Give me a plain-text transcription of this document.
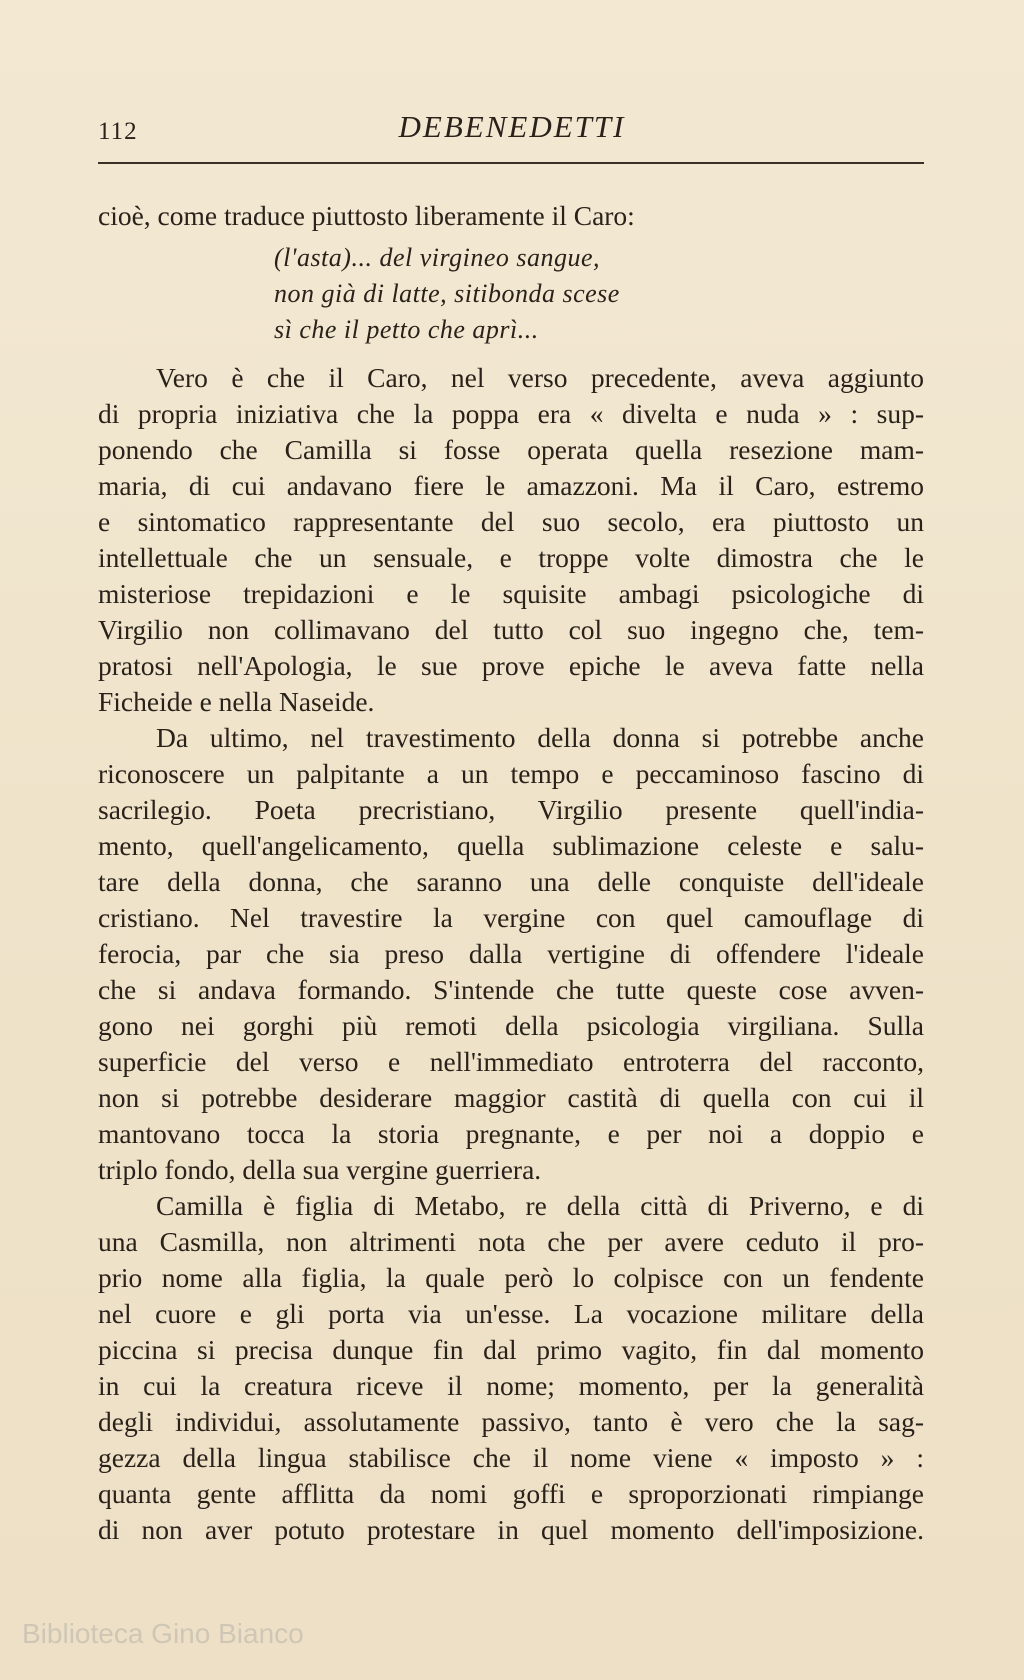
112	DEBENEDETTI
cioè, come traduce piuttosto liberamente il Caro:
(l'asta)... del virgineo sangue,
non già di latte, sitibonda scese
sì che il petto che aprì...
Vero è che il Caro, nel verso precedente, aveva aggiunto
di propria iniziativa che la poppa era « divelta e nuda » : sup-
ponendo che Camilla si fosse operata quella resezione mam-
maria, di cui andavano fiere le amazzoni. Ma il Caro, estremo
e sintomatico rappresentante del suo secolo, era piuttosto un
intellettuale che un sensuale, e troppe volte dimostra che le
misteriose trepidazioni e le squisite ambagi psicologiche di
Virgilio non collimavano del tutto col suo ingegno che, tem-
pratosi nell'Apologia, le sue prove epiche le aveva fatte nella
Ficheide e nella Naseide.
Da ultimo, nel travestimento della donna si potrebbe anche
riconoscere un palpitante a un tempo e peccaminoso fascino di
sacrilegio. Poeta precristiano, Virgilio presente quell'india-
mento, quell'angelicamento, quella sublimazione celeste e salu-
tare della donna, che saranno una delle conquiste dell'ideale
cristiano. Nel travestire la vergine con quel camouflage di
ferocia, par che sia preso dalla vertigine di offendere l'ideale
che si andava formando. S'intende che tutte queste cose avven-
gono nei gorghi più remoti della psicologia virgiliana. Sulla
superficie del verso e nell'immediato entroterra del racconto,
non si potrebbe desiderare maggior castità di quella con cui il
mantovano tocca la storia pregnante, e per noi a doppio e
triplo fondo, della sua vergine guerriera.
Camilla è figlia di Metabo, re della città di Priverno, e di
una Casmilla, non altrimenti nota che per avere ceduto il pro-
prio nome alla figlia, la quale però lo colpisce con un fendente
nel cuore e gli porta via un'esse. La vocazione militare della
piccina si precisa dunque fin dal primo vagito, fin dal momento
in cui la creatura riceve il nome; momento, per la generalità
degli individui, assolutamente passivo, tanto è vero che la sag-
gezza della lingua stabilisce che il nome viene « imposto » :
quanta gente afflitta da nomi goffi e sproporzionati rimpiange
di non aver potuto protestare in quel momento dell'imposizione.
Biblioteca Gino Bianco
